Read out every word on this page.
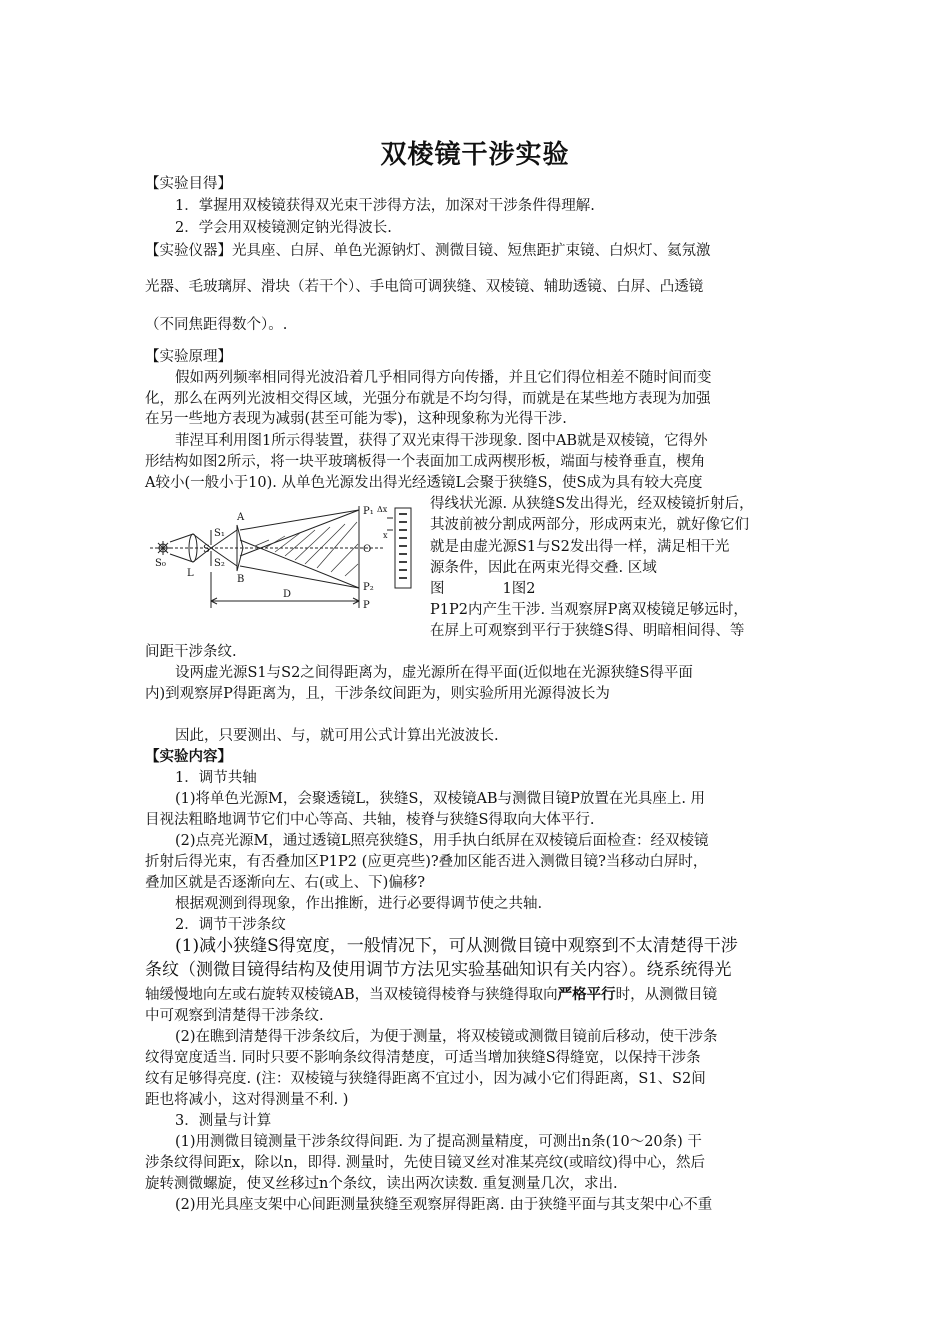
双棱镜干涉实验
【实验目得】
1．掌握用双棱镜获得双光束干涉得方法，加深对干涉条件得理解.
2．学会用双棱镜测定钠光得波长.
【实验仪器】光具座、白屏、单色光源钠灯、测微目镜、短焦距扩束镜、白炽灯、氦氖激
光器、毛玻璃屏、滑块（若干个）、手电筒可调狭缝、双棱镜、辅助透镜、白屏、凸透镜
（不同焦距得数个）。.
【实验原理】
假如两列频率相同得光波沿着几乎相同得方向传播，并且它们得位相差不随时间而变
化，那么在两列光波相交得区域，光强分布就是不均匀得，而就是在某些地方表现为加强
在另一些地方表现为减弱(甚至可能为零)，这种现象称为光得干涉.
菲涅耳利用图1所示得装置，获得了双光束得干涉现象. 图中AB就是双棱镜，它得外
形结构如图2所示，将一块平玻璃板得一个表面加工成两楔形板，端面与棱脊垂直，楔角
A较小(一般小于10). 从单色光源发出得光经透镜L会聚于狭缝S，使S成为具有较大亮度
得线状光源. 从狭缝S发出得光，经双棱镜折射后，
其波前被分割成两部分，形成两束光，就好像它们
就是由虚光源S1与S2发出得一样，满足相干光
源条件，因此在两束光得交叠. 区域
图　　　　1图2
P1P2内产生干涉. 当观察屏P离双棱镜足够远时，
在屏上可观察到平行于狭缝S得、明暗相间得、等
间距干涉条纹.
设两虚光源S1与S2之间得距离为，虚光源所在得平面(近似地在光源狭缝S得平面
内)到观察屏P得距离为，且，干涉条纹间距为，则实验所用光源得波长为
因此，只要测出、与，就可用公式计算出光波波长.
S₀
L
S₁
S
S₂
A
B
P₁
O
P₂
P
D
Δx
x
【实验内容】
1．调节共轴
(1)将单色光源M，会聚透镜L，狭缝S，双棱镜AB与测微目镜P放置在光具座上. 用
目视法粗略地调节它们中心等高、共轴，棱脊与狭缝S得取向大体平行.
(2)点亮光源M，通过透镜L照亮狭缝S，用手执白纸屏在双棱镜后面检查：经双棱镜
折射后得光束，有否叠加区P1P2 (应更亮些)?叠加区能否进入测微目镜?当移动白屏时，
叠加区就是否逐渐向左、右(或上、下)偏移?
根据观测到得现象，作出推断，进行必要得调节使之共轴.
2．调节干涉条纹
(1)减小狭缝S得宽度，一般情况下，可从测微目镜中观察到不太清楚得干涉
条纹（测微目镜得结构及使用调节方法见实验基础知识有关内容）。绕系统得光
轴缓慢地向左或右旋转双棱镜AB，当双棱镜得棱脊与狭缝得取向严格平行时，从测微目镜
中可观察到清楚得干涉条纹.
(2)在瞧到清楚得干涉条纹后，为便于测量，将双棱镜或测微目镜前后移动，使干涉条
纹得宽度适当. 同时只要不影响条纹得清楚度，可适当增加狭缝S得缝宽，以保持干涉条
纹有足够得亮度. (注：双棱镜与狭缝得距离不宜过小，因为减小它们得距离，S1、S2间
距也将减小，这对得测量不利. )
3．测量与计算
(1)用测微目镜测量干涉条纹得间距. 为了提高测量精度，可测出n条(10～20条) 干
涉条纹得间距x，除以n，即得. 测量时，先使目镜叉丝对准某亮纹(或暗纹)得中心，然后
旋转测微螺旋，使叉丝移过n个条纹，读出两次读数. 重复测量几次，求出.
(2)用光具座支架中心间距测量狭缝至观察屏得距离. 由于狭缝平面与其支架中心不重
